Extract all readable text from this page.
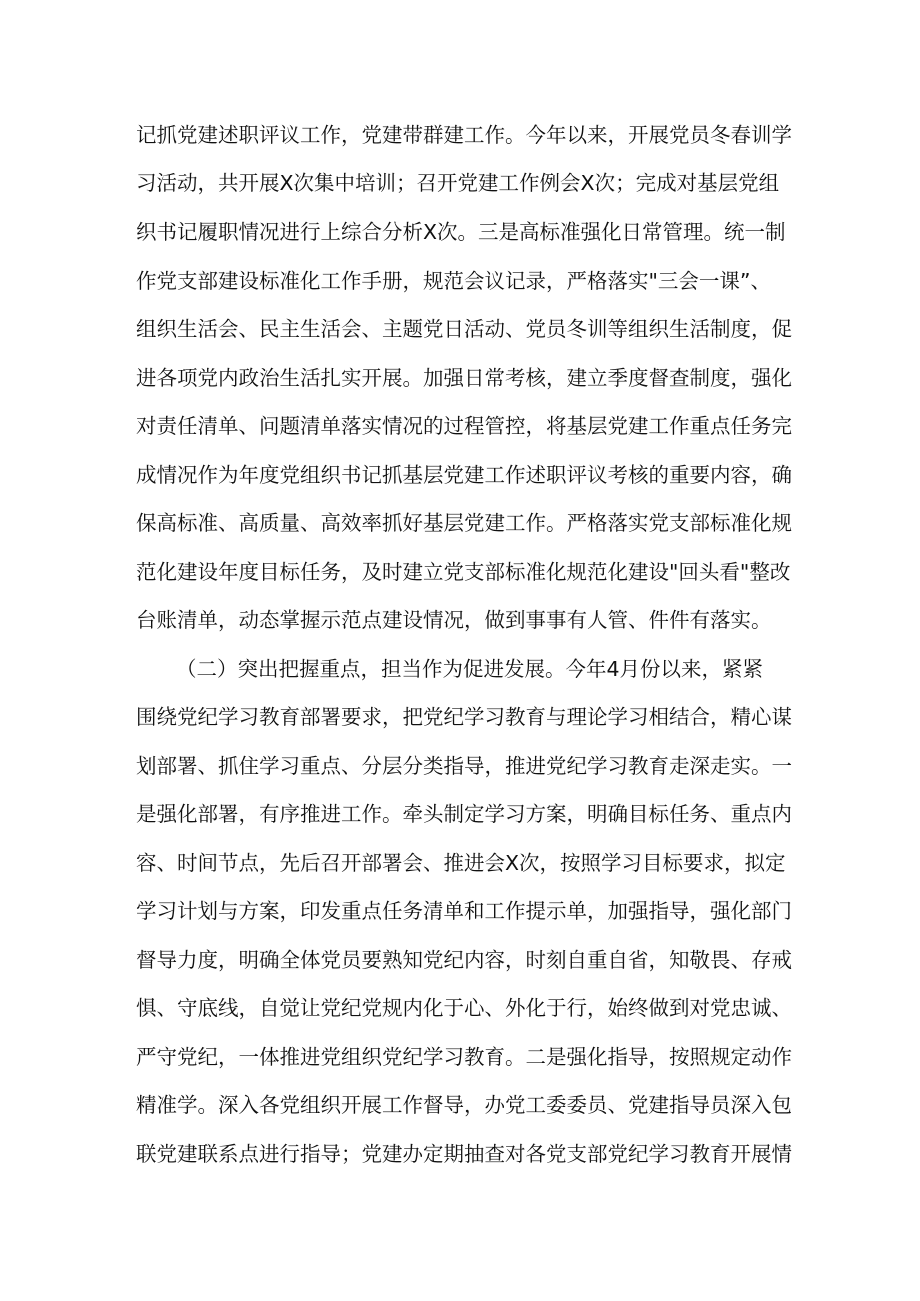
记抓党建述职评议工作，党建带群建工作。今年以来，开展党员冬春训学

习活动，共开展X次集中培训；召开党建工作例会X次；完成对基层党组

织书记履职情况进行上综合分析X次。三是高标准强化日常管理。统一制

作党支部建设标准化工作手册，规范会议记录，严格落实"三会一课”、

组织生活会、民主生活会、主题党日活动、党员冬训等组织生活制度，促

进各项党内政治生活扎实开展。加强日常考核，建立季度督查制度，强化

对责任清单、问题清单落实情况的过程管控，将基层党建工作重点任务完

成情况作为年度党组织书记抓基层党建工作述职评议考核的重要内容，确

保高标准、高质量、高效率抓好基层党建工作。严格落实党支部标准化规

范化建设年度目标任务，及时建立党支部标准化规范化建设"回头看"整改

台账清单，动态掌握示范点建设情况，做到事事有人管、件件有落实。

（二）突出把握重点，担当作为促进发展。今年4月份以来，紧紧

围绕党纪学习教育部署要求，把党纪学习教育与理论学习相结合，精心谋

划部署、抓住学习重点、分层分类指导，推进党纪学习教育走深走实。一

是强化部署，有序推进工作。牵头制定学习方案，明确目标任务、重点内

容、时间节点，先后召开部署会、推进会X次，按照学习目标要求，拟定

学习计划与方案，印发重点任务清单和工作提示单，加强指导，强化部门

督导力度，明确全体党员要熟知党纪内容，时刻自重自省，知敬畏、存戒

惧、守底线，自觉让党纪党规内化于心、外化于行，始终做到对党忠诚、

严守党纪，一体推进党组织党纪学习教育。二是强化指导，按照规定动作

精准学。深入各党组织开展工作督导，办党工委委员、党建指导员深入包

联党建联系点进行指导；党建办定期抽查对各党支部党纪学习教育开展情
